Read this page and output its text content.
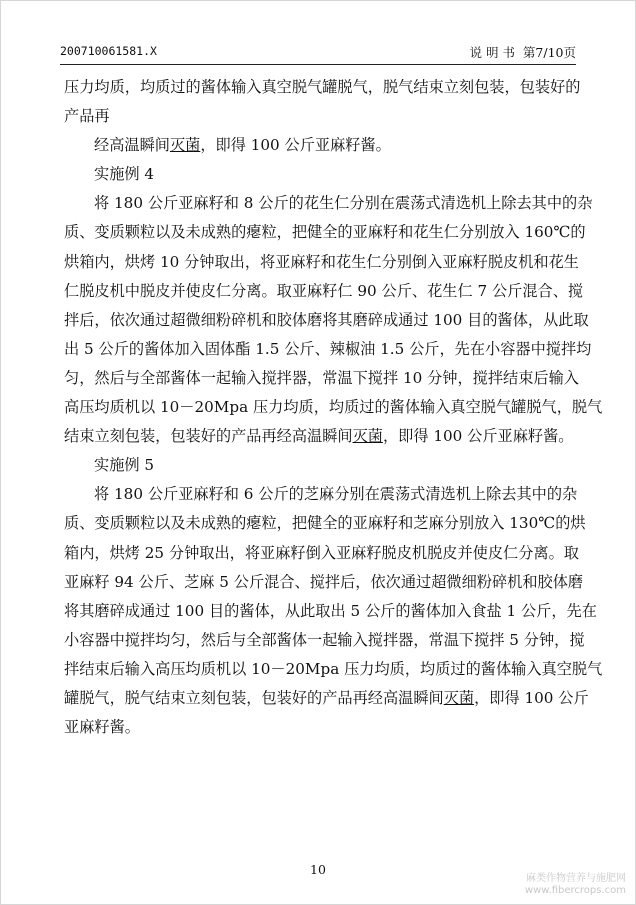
200710061581.X	说 明 书 第7/10页
压力均质，均质过的酱体输入真空脱气罐脱气，脱气结束立刻包装，包装好的
产品再
经高温瞬间灭菌，即得 100 公斤亚麻籽酱。
实施例 4
将 180 公斤亚麻籽和 8 公斤的花生仁分别在震荡式清选机上除去其中的杂
质、变质颗粒以及未成熟的瘪粒，把健全的亚麻籽和花生仁分别放入 160℃的
烘箱内，烘烤 10 分钟取出，将亚麻籽和花生仁分别倒入亚麻籽脱皮机和花生
仁脱皮机中脱皮并使皮仁分离。取亚麻籽仁 90 公斤、花生仁 7 公斤混合、搅
拌后，依次通过超微细粉碎机和胶体磨将其磨碎成通过 100 目的酱体，从此取
出 5 公斤的酱体加入固体酯 1.5 公斤、辣椒油 1.5 公斤，先在小容器中搅拌均
匀，然后与全部酱体一起输入搅拌器，常温下搅拌 10 分钟，搅拌结束后输入
高压均质机以 10－20Mpa 压力均质，均质过的酱体输入真空脱气罐脱气，脱气
结束立刻包装，包装好的产品再经高温瞬间灭菌，即得 100 公斤亚麻籽酱。
实施例 5
将 180 公斤亚麻籽和 6 公斤的芝麻分别在震荡式清选机上除去其中的杂
质、变质颗粒以及未成熟的瘪粒，把健全的亚麻籽和芝麻分别放入 130℃的烘
箱内，烘烤 25 分钟取出，将亚麻籽倒入亚麻籽脱皮机脱皮并使皮仁分离。取
亚麻籽 94 公斤、芝麻 5 公斤混合、搅拌后，依次通过超微细粉碎机和胶体磨
将其磨碎成通过 100 目的酱体，从此取出 5 公斤的酱体加入食盐 1 公斤，先在
小容器中搅拌均匀，然后与全部酱体一起输入搅拌器，常温下搅拌 5 分钟，搅
拌结束后输入高压均质机以 10－20Mpa 压力均质，均质过的酱体输入真空脱气
罐脱气，脱气结束立刻包装，包装好的产品再经高温瞬间灭菌，即得 100 公斤
亚麻籽酱。
10
麻类作物营养与施肥网
www.fibercrops.com
